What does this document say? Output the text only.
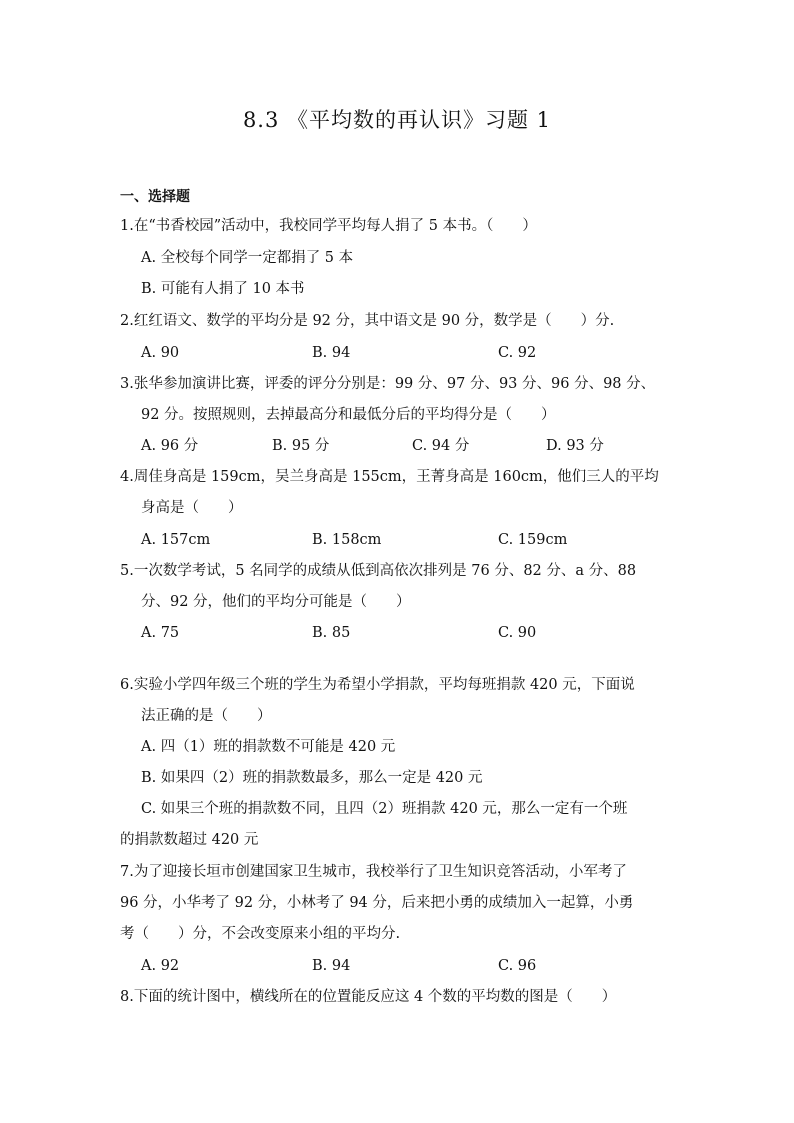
8.3 《平均数的再认识》习题 1
一、选择题
1.在“书香校园”活动中，我校同学平均每人捐了 5 本书。（　　）
A. 全校每个同学一定都捐了 5 本
B. 可能有人捐了 10 本书
2.红红语文、数学的平均分是 92 分，其中语文是 90 分，数学是（　　）分.
A. 90	B. 94	C. 92
3.张华参加演讲比赛，评委的评分分别是：99 分、97 分、93 分、96 分、98 分、
92 分。按照规则，去掉最高分和最低分后的平均得分是（　　）
A. 96 分	B. 95 分	C. 94 分	D. 93 分
4.周佳身高是 159cm，吴兰身高是 155cm，王菁身高是 160cm，他们三人的平均
身高是（　　）
A. 157cm	B. 158cm	C. 159cm
5.一次数学考试，5 名同学的成绩从低到高依次排列是 76 分、82 分、a 分、88
分、92 分，他们的平均分可能是（　　）
A. 75	B. 85	C. 90
6.实验小学四年级三个班的学生为希望小学捐款，平均每班捐款 420 元，下面说
法正确的是（　　）
A. 四（1）班的捐款数不可能是 420 元
B. 如果四（2）班的捐款数最多，那么一定是 420 元
C. 如果三个班的捐款数不同，且四（2）班捐款 420 元，那么一定有一个班
的捐款数超过 420 元
7.为了迎接长垣市创建国家卫生城市，我校举行了卫生知识竞答活动，小军考了
96 分，小华考了 92 分，小林考了 94 分，后来把小勇的成绩加入一起算，小勇
考（　　）分，不会改变原来小组的平均分.
A. 92	B. 94	C. 96
8.下面的统计图中，横线所在的位置能反应这 4 个数的平均数的图是（　　）
